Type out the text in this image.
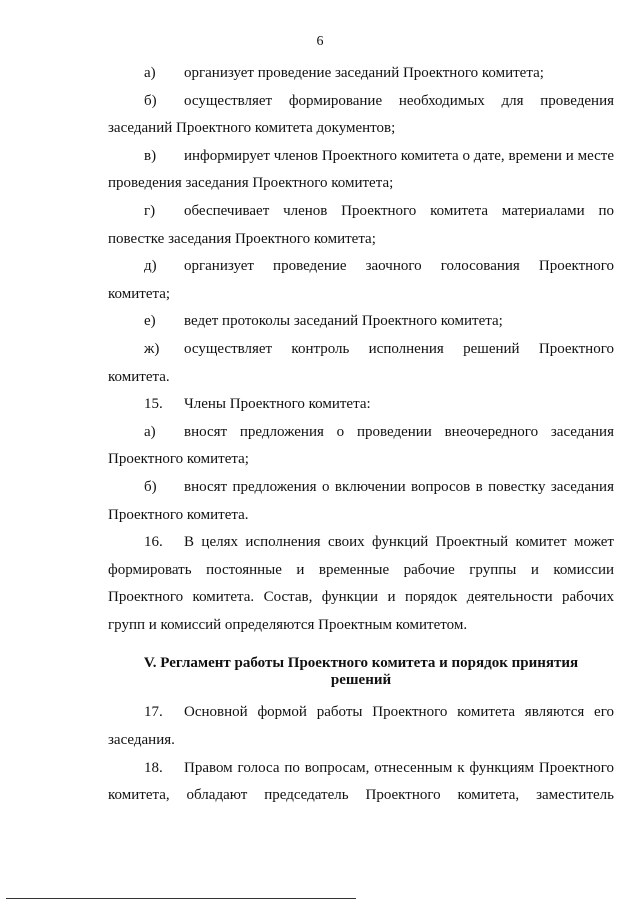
6

а) организует проведение заседаний Проектного комитета;

б) осуществляет формирование необходимых для проведения заседаний Проектного комитета документов;

в) информирует членов Проектного комитета о дате, времени и месте проведения заседания Проектного комитета;

г) обеспечивает членов Проектного комитета материалами по повестке заседания Проектного комитета;

д) организует проведение заочного голосования Проектного комитета;

е) ведет протоколы заседаний Проектного комитета;

ж) осуществляет контроль исполнения решений Проектного комитета.

15. Члены Проектного комитета:

а) вносят предложения о проведении внеочередного заседания Проектного комитета;

б) вносят предложения о включении вопросов в повестку заседания Проектного комитета.

16. В целях исполнения своих функций Проектный комитет может формировать постоянные и временные рабочие группы и комиссии Проектного комитета. Состав, функции и порядок деятельности рабочих групп и комиссий определяются Проектным комитетом.

V. Регламент работы Проектного комитета и порядок принятия

решений

17. Основной формой работы Проектного комитета являются его заседания.

18. Правом голоса по вопросам, отнесенным к функциям Проектного комитета, обладают председатель Проектного комитета, заместитель
